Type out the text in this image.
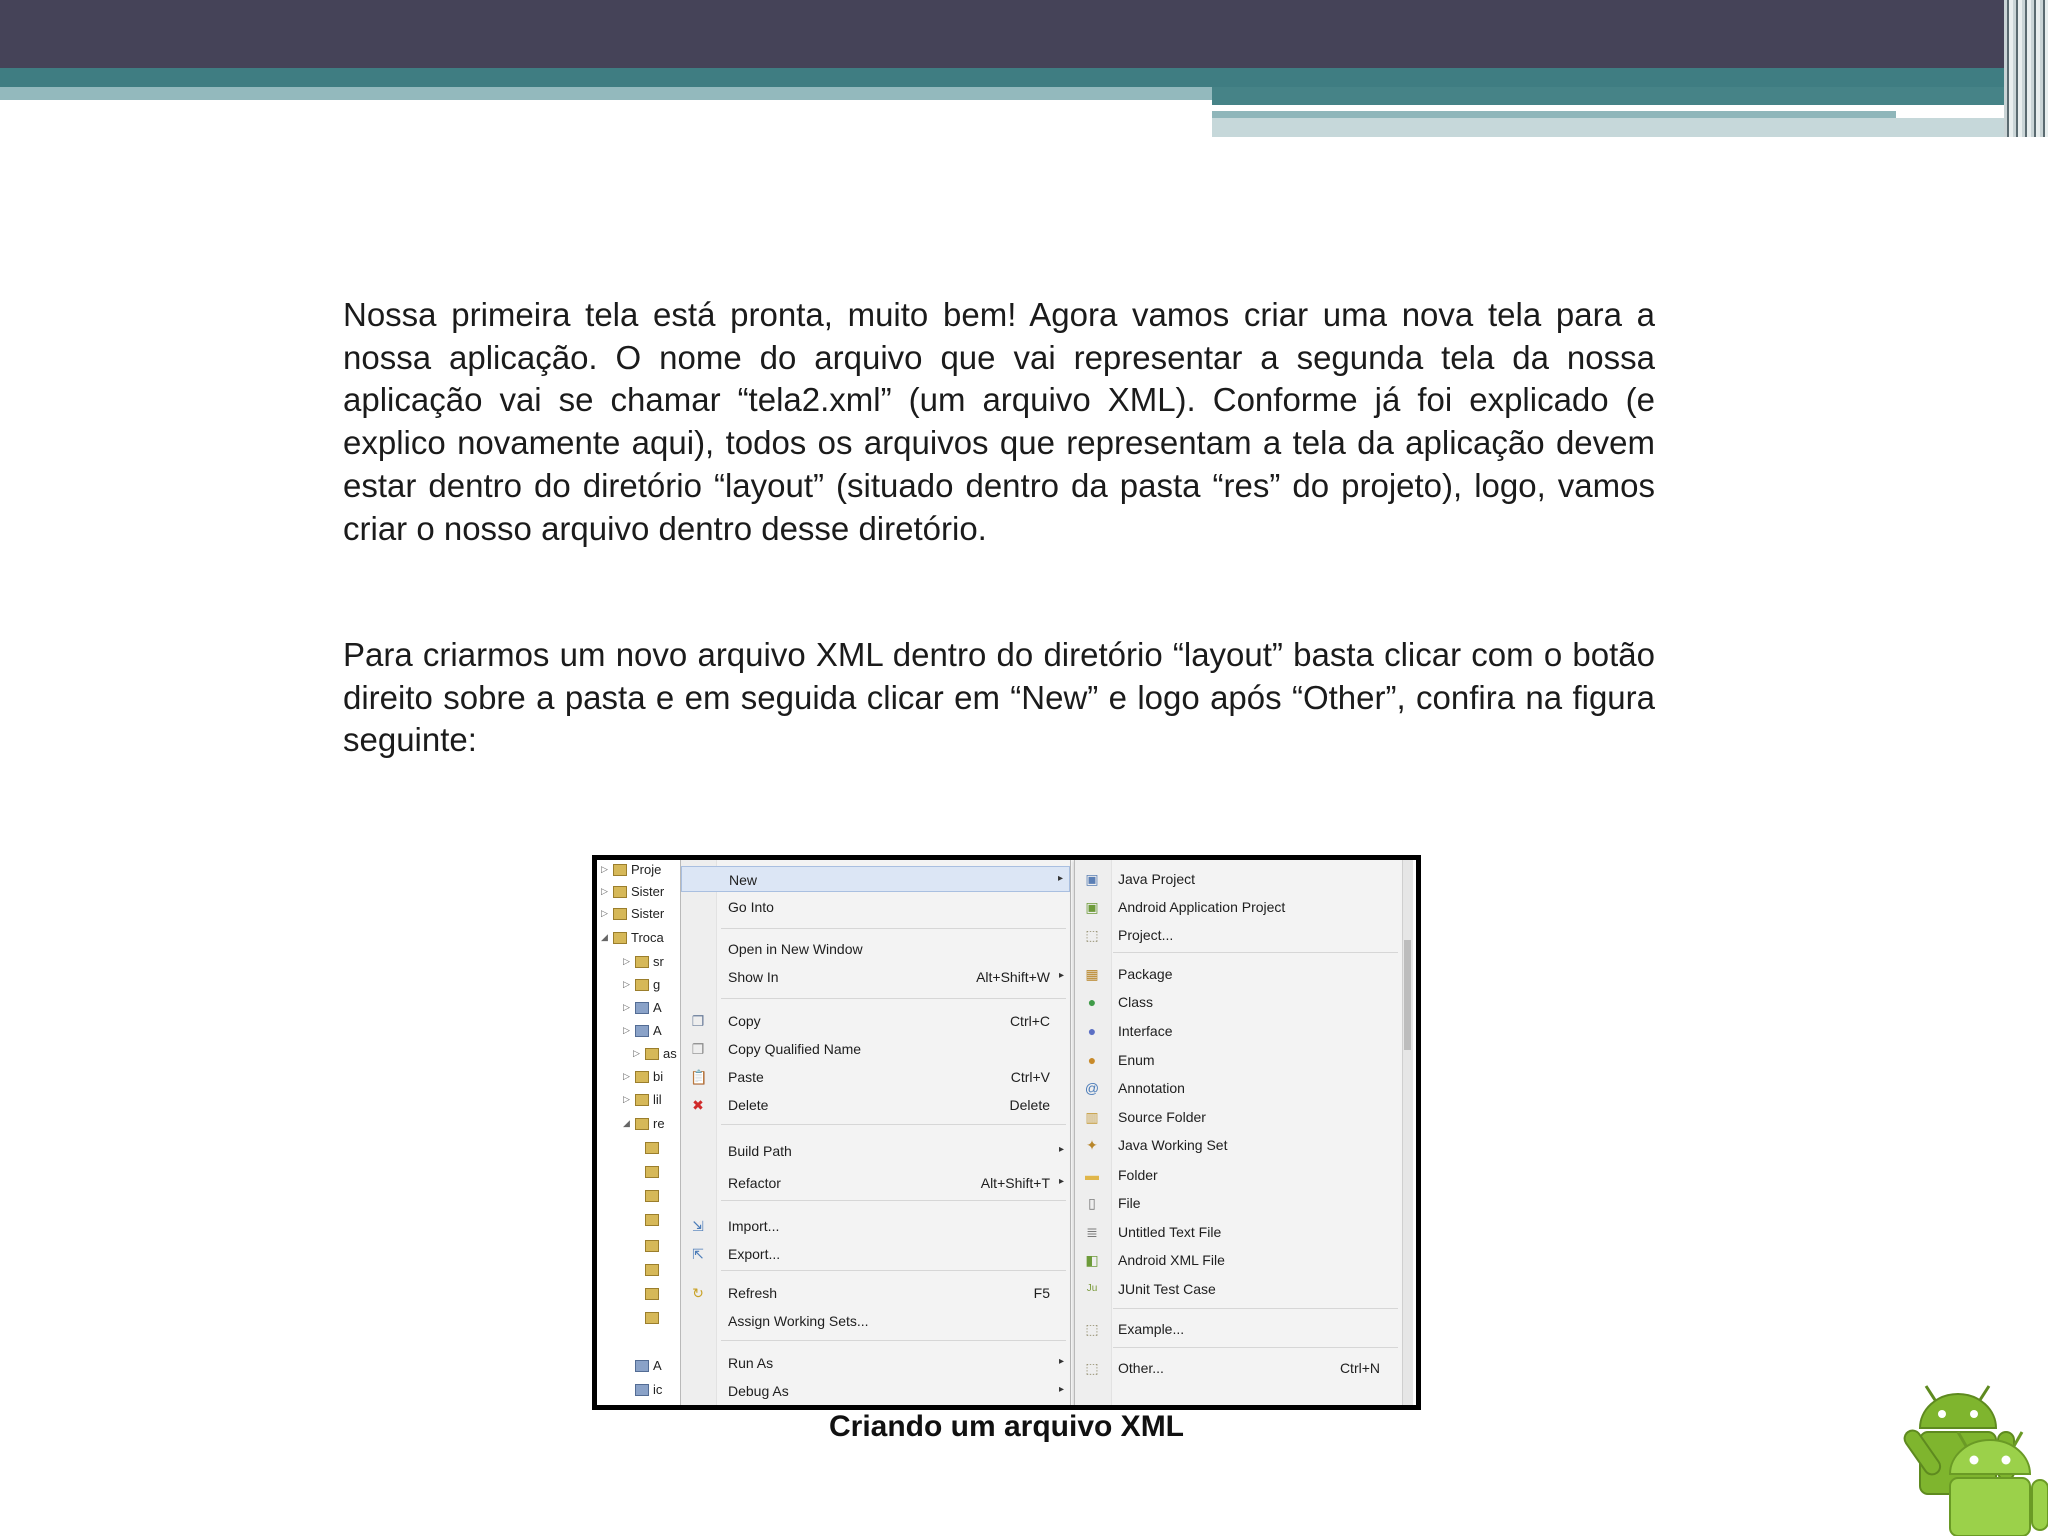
Nossa primeira tela está pronta, muito bem! Agora vamos criar uma nova tela para a nossa aplicação. O nome do arquivo que vai representar a segunda tela da nossa aplicação vai se chamar “tela2.xml” (um arquivo XML). Conforme já foi explicado (e explico novamente aqui), todos os arquivos que representam a tela da aplicação devem estar dentro do diretório “layout” (situado dentro da pasta “res” do projeto), logo, vamos criar o nosso arquivo dentro desse diretório.

Para criarmos um novo arquivo XML dentro do diretório “layout” basta clicar com o botão direito sobre a pasta e em seguida clicar em “New” e logo após “Other”, confira na figura seguinte:

▷ Proje
▷ Sister
▷ Sister
◢ Troca
▷ sr
▷ g
▷ A
▷ A
▷ as
▷ bi
▷ lil
◢ re
A
ic
New	▸
Go Into
Open in New Window
Show In	Alt+Shift+W ▸
❐ Copy	Ctrl+C
❐ Copy Qualified Name
📋 Paste	Ctrl+V
✖ Delete	Delete
Build Path	▸
Refactor	Alt+Shift+T ▸
⇲ Import...
⇱ Export...
↻ Refresh	F5
Assign Working Sets...
Run As	▸
Debug As	▸
▣ Java Project
▣ Android Application Project
⬚ Project...
▦ Package
● Class
● Interface
● Enum
@ Annotation
▥ Source Folder
✦ Java Working Set
▬ Folder
▯ File
≣ Untitled Text File
◧ Android XML File
Ju JUnit Test Case
⬚ Example...
⬚ Other...	Ctrl+N

Criando um arquivo XML
